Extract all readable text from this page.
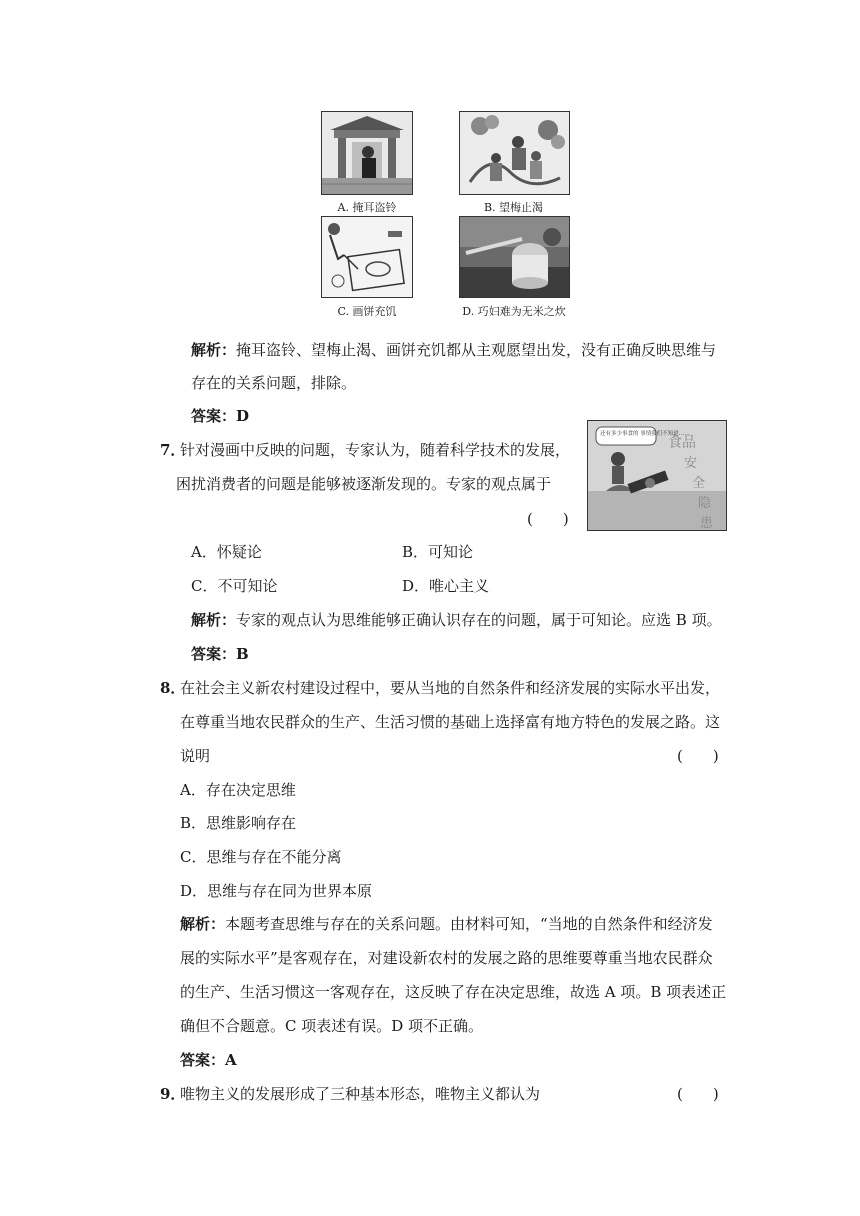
A. 掩耳盗铃	B. 望梅止渴
C. 画饼充饥	D. 巧妇难为无米之炊
解析：掩耳盗铃、望梅止渴、画饼充饥都从主观愿望出发，没有正确反映思维与
存在的关系问题，排除。
答案：D
7．
针对漫画中反映的问题，专家认为，随着科学技术的发展，
困扰消费者的问题是能够被逐渐发现的。专家的观点属于
(　　)
还有多少事食的 事情我们不知道……
食品
安
全
隐
患
A．怀疑论	B．可知论
C．不可知论	D．唯心主义
解析：专家的观点认为思维能够正确认识存在的问题，属于可知论。应选 B 项。
答案：B
8．
在社会主义新农村建设过程中，要从当地的自然条件和经济发展的实际水平出发，
在尊重当地农民群众的生产、生活习惯的基础上选择富有地方特色的发展之路。这
说明	(　　)
A．存在决定思维
B．思维影响存在
C．思维与存在不能分离
D．思维与存在同为世界本原
解析：本题考查思维与存在的关系问题。由材料可知，“当地的自然条件和经济发
展的实际水平”是客观存在，对建设新农村的发展之路的思维要尊重当地农民群众
的生产、生活习惯这一客观存在，这反映了存在决定思维，故选 A 项。B 项表述正
确但不合题意。C 项表述有误。D 项不正确。
答案：A
9．
唯物主义的发展形成了三种基本形态，唯物主义都认为	(　　)
